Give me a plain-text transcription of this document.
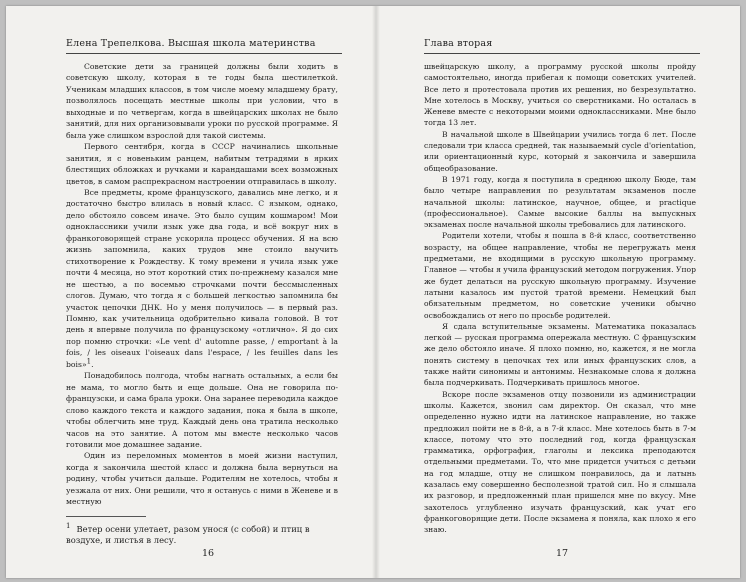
Елена Трепелкова. Высшая школа материнства

Советские дети за границей должны были ходить в советскую школу, которая в те годы была шестилеткой. Ученикам младших классов, в том числе моему младшему брату, позволялось посещать местные школы при условии, что в выходные и по четвергам, когда в швейцарских школах не было занятий, для них организовывали уроки по русской программе. Я была уже слишком взрослой для такой системы.

Первого сентября, когда в СССР начинались школьные занятия, я с новеньким ранцем, набитым тетрадями в ярких блестящих обложках и ручками и карандашами всех возможных цветов, в самом распрекрасном настроении отправилась в школу.

Все предметы, кроме французского, давались мне легко, и я достаточно быстро влилась в новый класс. С языком, однако, дело обстояло совсем иначе. Это было сущим кошмаром! Мои одноклассники учили язык уже два года, и всё вокруг них в франкоговорящей стране ускоряла процесс обучения. Я на всю жизнь запомнила, каких трудов мне стоило выучить стихотворение к Рождеству. К тому времени я учила язык уже почти 4 месяца, но этот короткий стих по-прежнему казался мне не шестью, а по восемью строчками почти бессмысленных слогов. Думаю, что тогда я с большей легкостью запомнила бы участок цепочки ДНК. Но у меня получилось — в первый раз. Помню, как учительница одобрительно кивала головой. В тот день я впервые получила по французскому «отлично». Я до сих пор помню строчки: «Le vent d' automne passe, / emportant à la fois, / les oiseaux l'oiseaux dans l'espace, / les feuilles dans les bois»1.

Понадобилось полгода, чтобы нагнать остальных, а если бы не мама, то могло быть и еще дольше. Она не говорила по-французски, и сама брала уроки. Она заранее переводила каждое слово каждого текста и каждого задания, пока я была в школе, чтобы облегчить мне труд. Каждый день она тратила несколько часов на это занятие. А потом мы вместе несколько часов готовили мое домашнее задание.

Один из переломных моментов в моей жизни наступил, когда я закончила шестой класс и должна была вернуться на родину, чтобы учиться дальше. Родителям не хотелось, чтобы я уезжала от них. Они решили, что я останусь с ними в Женеве и в местную

$^1$ Ветер осени улетает, разом унося (с собой) и птиц в воздухе, и листья в лесу.
16
Глава вторая

швейцарскую школу, а программу русской школы пройду самостоятельно, иногда прибегая к помощи советских учителей. Все лето я протестовала против их решения, но безрезультатно. Мне хотелось в Москву, учиться со сверстниками. Но осталась в Женеве вместе с некоторыми моими одноклассниками. Мне было тогда 13 лет.

В начальной школе в Швейцарии учились тогда 6 лет. После следовали три класса средней, так называемый cycle d'orientation, или ориентационный курс, который я закончила и завершила общеобразование.

В 1971 году, когда я поступила в среднюю школу Бюде, там было четыре направления по результатам экзаменов после начальной школы: латинское, научное, общее, и practique (профессиональное). Самые высокие баллы на выпускных экзаменах после начальной школы требовались для латинского.

Родители хотели, чтобы я пошла в 8-й класс, соответственно возрасту, на общее направление, чтобы не перегружать меня предметами, не входящими в русскую школьную программу. Главное — чтобы я учила французский методом погружения. Упор же будет делаться на русскую школьную программу. Изучение латыни казалось им пустой тратой времени. Немецкий был обязательным предметом, но советские ученики обычно освобождались от него по просьбе родителей.

Я сдала вступительные экзамены. Математика показалась легкой — русская программа опережала местную. С французским же дело обстояло иначе. Я плохо помню, но, кажется, я не могла понять систему в цепочках тех или иных французских слов, а также найти синонимы и антонимы. Незнакомые слова я должна была подчеркивать. Подчеркивать пришлось многое.

Вскоре после экзаменов отцу позвонили из администрации школы. Кажется, звонил сам директор. Он сказал, что мне определенно нужно идти на латинское направление, но также предложил пойти не в 8-й, а в 7-й класс. Мне хотелось быть в 7-м классе, потому что это последний год, когда французская грамматика, орфография, глаголы и лексика преподаются отдельными предметами. То, что мне придется учиться с детьми на год младше, отцу не слишком понравилось, да и латынь казалась ему совершенно бесполезной тратой сил. Но я слышала их разговор, и предложенный план пришелся мне по вкусу. Мне захотелось углубленно изучать французский, как учат его франкоговорящие дети. После экзамена я поняла, как плохо я его знаю.

17
